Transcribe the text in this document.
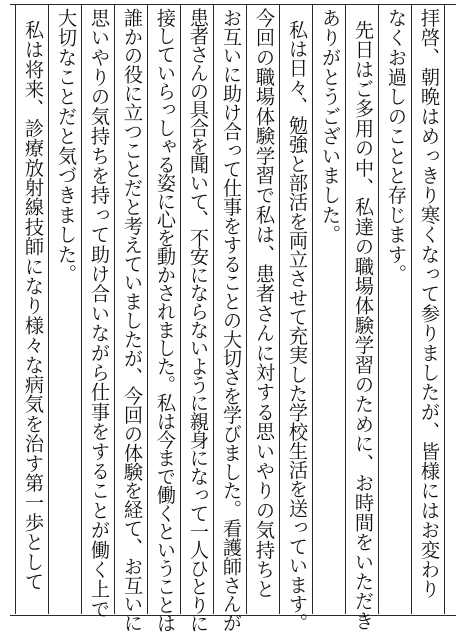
拝啓、朝晩はめっきり寒くなって参りましたが、皆様にはお変わり
なくお過しのことと存じます。
先日はご多用の中、私達の職場体験学習のために、お時間をいただき
ありがとうございました。
私は日々、勉強と部活を両立させて充実した学校生活を送っています。
今回の職場体験学習で私は、患者さんに対する思いやりの気持ちと
お互いに助け合って仕事をすることの大切さを学びました。看護師さんが
患者さんの具合を聞いて、不安にならないように親身になって一人ひとりに
接していらっしゃる姿に心を動かされました。私は今まで働くということは
誰かの役に立つことだと考えていましたが、今回の体験を経て、お互いに
思いやりの気持ちを持って助け合いながら仕事をすることが働く上で
大切なことだと気づきました。
私は将来、診療放射線技師になり様々な病気を治す第一歩として
